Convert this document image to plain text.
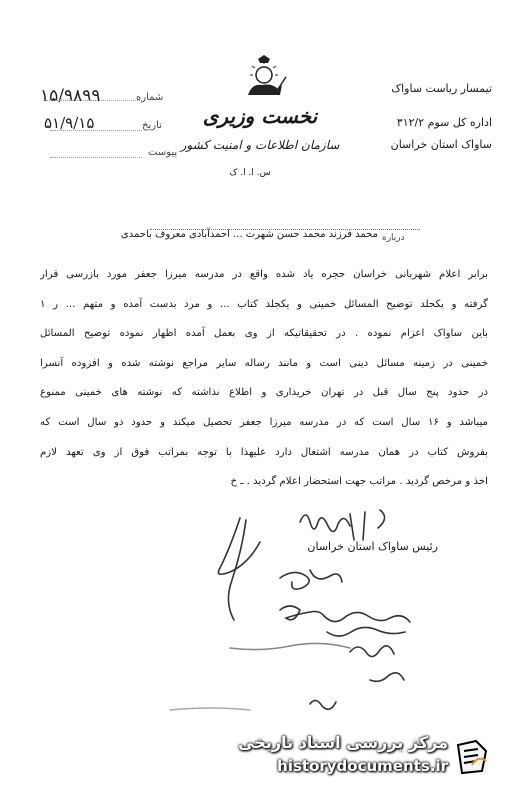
شماره
۱۵/۹۸۹۹
تاریخ
۵۱/۹/۱۵
پیوست
نخست وزیری
سازمان اطلاعات و امنیت کشور
س. ا. ا. ک
تیمسار ریاست ساواک
اداره کل سوم ۳۱۲/۲
ساواک استان خراسان
درباره
محمد فرزند محمد حسن شهرت ... احمدآبادی معروف باحمدی
برابر اعلام شهربانی خراسان حجره یاد شده واقع در مدرسه میرزا جعفر مورد بازرسی قرار
گرفته و یکجلد توضیح المسائل خمینی و یکجلد کتاب ... و مرد بدست آمده و متهم ... ر ۱
باین ساواک اعزام نموده . در تحقیقاتیکه از وی بعمل آمده اظهار نموده توضیح المسائل
خمینی در زمینه مسائل دینی است و مانند رساله سایر مراجع نوشته شده و افزوده آنسرا
در حدود پنج سال قبل در تهران خریداری و اطلاع نداشته که نوشته های خمینی ممنوع
میباشد و ۱۶ سال است که در مدرسه میرزا جعفر تحصیل میکند و حدود دو سال است که
بفروش کتاب در همان مدرسه اشتغال دارد علیهذا با توجه بمراتب فوق از وی تعهد لازم
اخذ و مرخص گردید . مراتب جهت استحضار اعلام گردید . ـ خ
رئیس ساواک استان خراسان
مرکز بررسی اسناد تاریخی
historydocuments.ir
